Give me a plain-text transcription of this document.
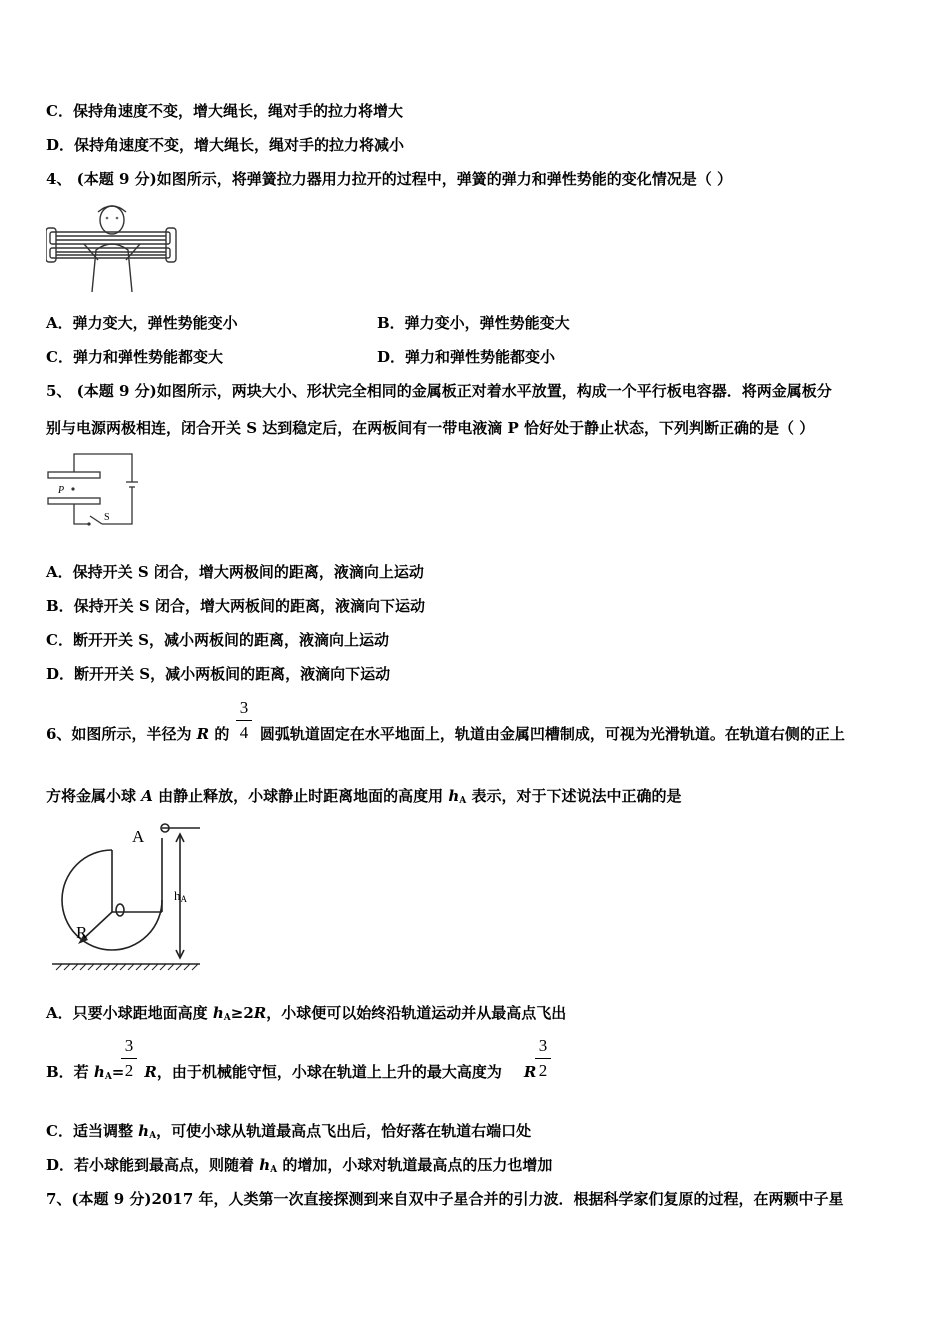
C．保持角速度不变，增大绳长，绳对手的拉力将增大
D．保持角速度不变，增大绳长，绳对手的拉力将减小
4、 (本题 9 分)如图所示，将弹簧拉力器用力拉开的过程中，弹簧的弹力和弹性势能的变化情况是（ ）
A．弹力变大，弹性势能变小	B．弹力变小，弹性势能变大
C．弹力和弹性势能都变大	D．弹力和弹性势能都变小
5、 (本题 9 分)如图所示，两块大小、形状完全相同的金属板正对着水平放置，构成一个平行板电容器．将两金属板分
别与电源两极相连，闭合开关 S 达到稳定后，在两板间有一带电液滴 P 恰好处于静止状态，下列判断正确的是（ ）
P
S
A．保持开关 S 闭合，增大两极间的距离，液滴向上运动
B．保持开关 S 闭合，增大两板间的距离，液滴向下运动
C．断开开关 S，减小两板间的距离，液滴向上运动
D．断开开关 S，减小两板间的距离，液滴向下运动
6、如图所示，半径为 R 的  圆弧轨道固定在水平地面上，轨道由金属凹槽制成，可视为光滑轨道。在轨道右侧的正上
3
4
方将金属小球 A 由静止释放，小球静止时距离地面的高度用 $h_A$ 表示，对于下述说法中正确的是
A
R
hA
A．只要小球距地面高度 $h_A\ge 2R$，小球便可以始终沿轨道运动并从最高点飞出
B．若 $h_A= R$，由于机械能守恒，小球在轨道上上升的最大高度为 R
3
2
3
2
C．适当调整 $h_A$，可使小球从轨道最高点飞出后，恰好落在轨道右端口处
D．若小球能到最高点，则随着 $h_A$ 的增加，小球对轨道最高点的压力也增加
7、(本题 9 分)2017 年，人类第一次直接探测到来自双中子星合并的引力波．根据科学家们复原的过程，在两颗中子星
